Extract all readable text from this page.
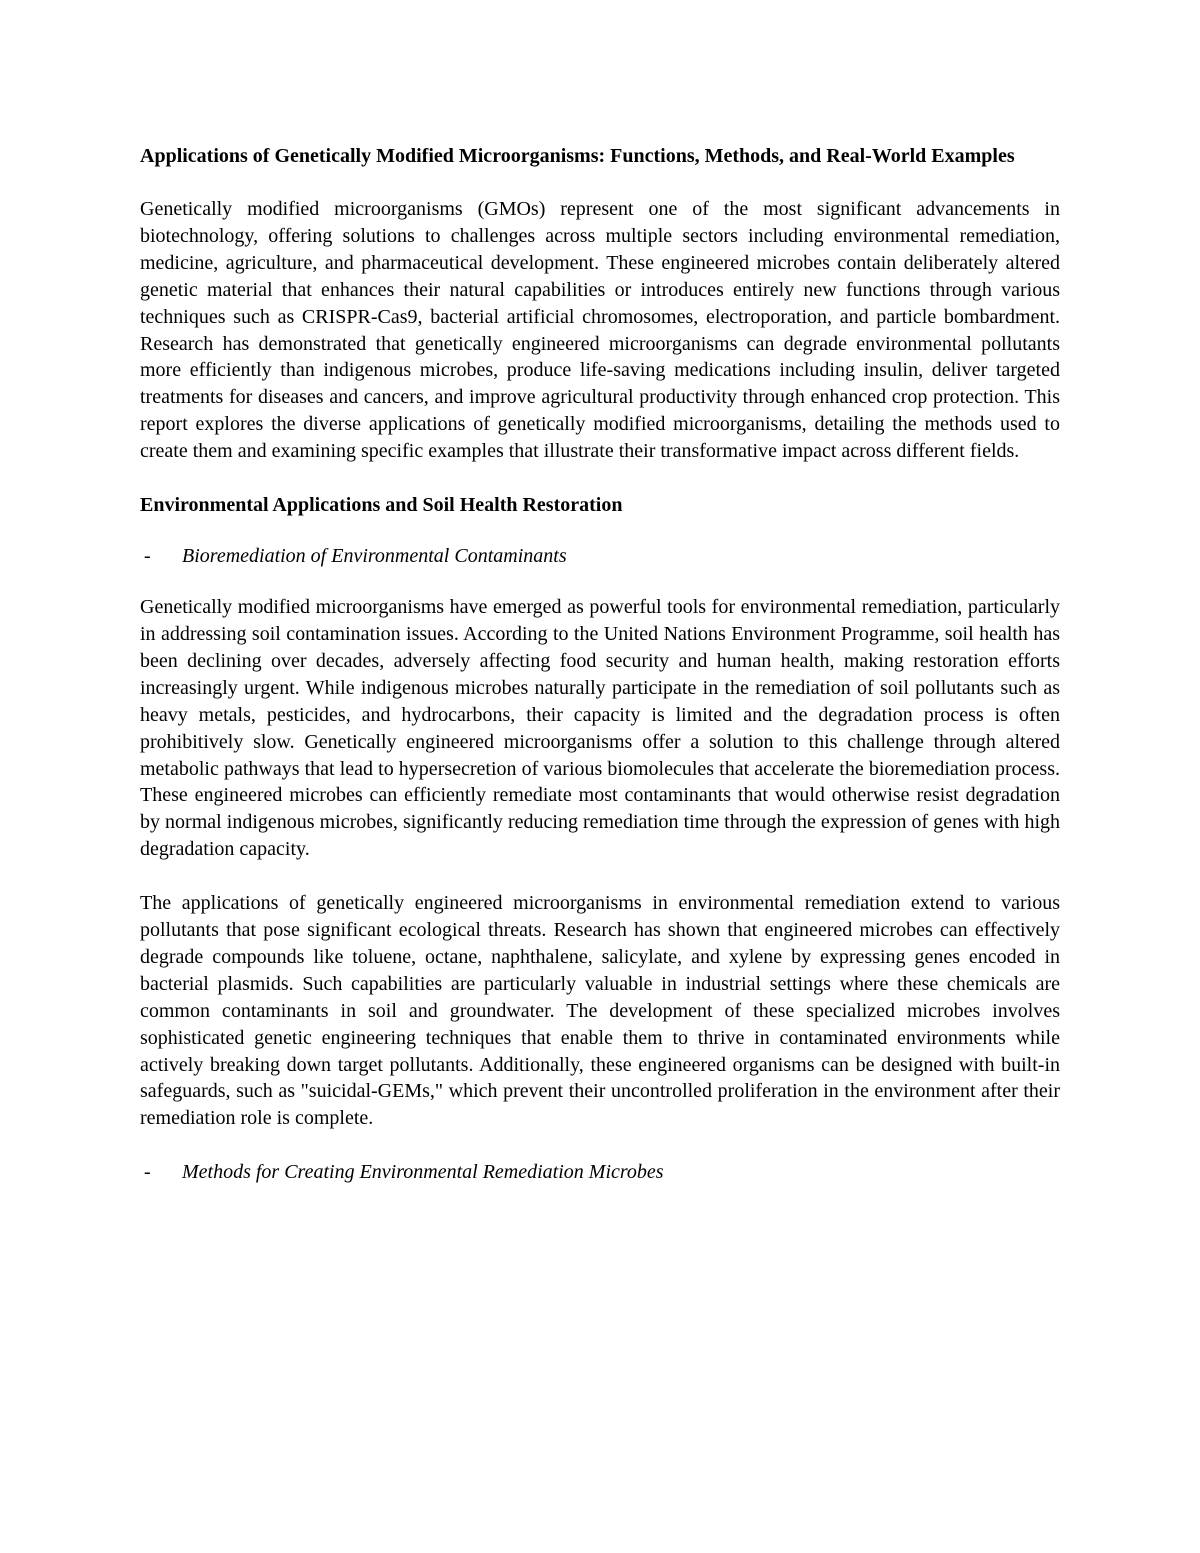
Applications of Genetically Modified Microorganisms: Functions, Methods, and Real-World Examples

Genetically modified microorganisms (GMOs) represent one of the most significant advancements in biotechnology, offering solutions to challenges across multiple sectors including environmental remediation, medicine, agriculture, and pharmaceutical development. These engineered microbes contain deliberately altered genetic material that enhances their natural capabilities or introduces entirely new functions through various techniques such as CRISPR-Cas9, bacterial artificial chromosomes, electroporation, and particle bombardment. Research has demonstrated that genetically engineered microorganisms can degrade environmental pollutants more efficiently than indigenous microbes, produce life-saving medications including insulin, deliver targeted treatments for diseases and cancers, and improve agricultural productivity through enhanced crop protection. This report explores the diverse applications of genetically modified microorganisms, detailing the methods used to create them and examining specific examples that illustrate their transformative impact across different fields.

Environmental Applications and Soil Health Restoration
-	Bioremediation of Environmental Contaminants

Genetically modified microorganisms have emerged as powerful tools for environmental remediation, particularly in addressing soil contamination issues. According to the United Nations Environment Programme, soil health has been declining over decades, adversely affecting food security and human health, making restoration efforts increasingly urgent. While indigenous microbes naturally participate in the remediation of soil pollutants such as heavy metals, pesticides, and hydrocarbons, their capacity is limited and the degradation process is often prohibitively slow. Genetically engineered microorganisms offer a solution to this challenge through altered metabolic pathways that lead to hypersecretion of various biomolecules that accelerate the bioremediation process. These engineered microbes can efficiently remediate most contaminants that would otherwise resist degradation by normal indigenous microbes, significantly reducing remediation time through the expression of genes with high degradation capacity.

The applications of genetically engineered microorganisms in environmental remediation extend to various pollutants that pose significant ecological threats. Research has shown that engineered microbes can effectively degrade compounds like toluene, octane, naphthalene, salicylate, and xylene by expressing genes encoded in bacterial plasmids. Such capabilities are particularly valuable in industrial settings where these chemicals are common contaminants in soil and groundwater. The development of these specialized microbes involves sophisticated genetic engineering techniques that enable them to thrive in contaminated environments while actively breaking down target pollutants. Additionally, these engineered organisms can be designed with built-in safeguards, such as "suicidal-GEMs," which prevent their uncontrolled proliferation in the environment after their remediation role is complete.

-	Methods for Creating Environmental Remediation Microbes
